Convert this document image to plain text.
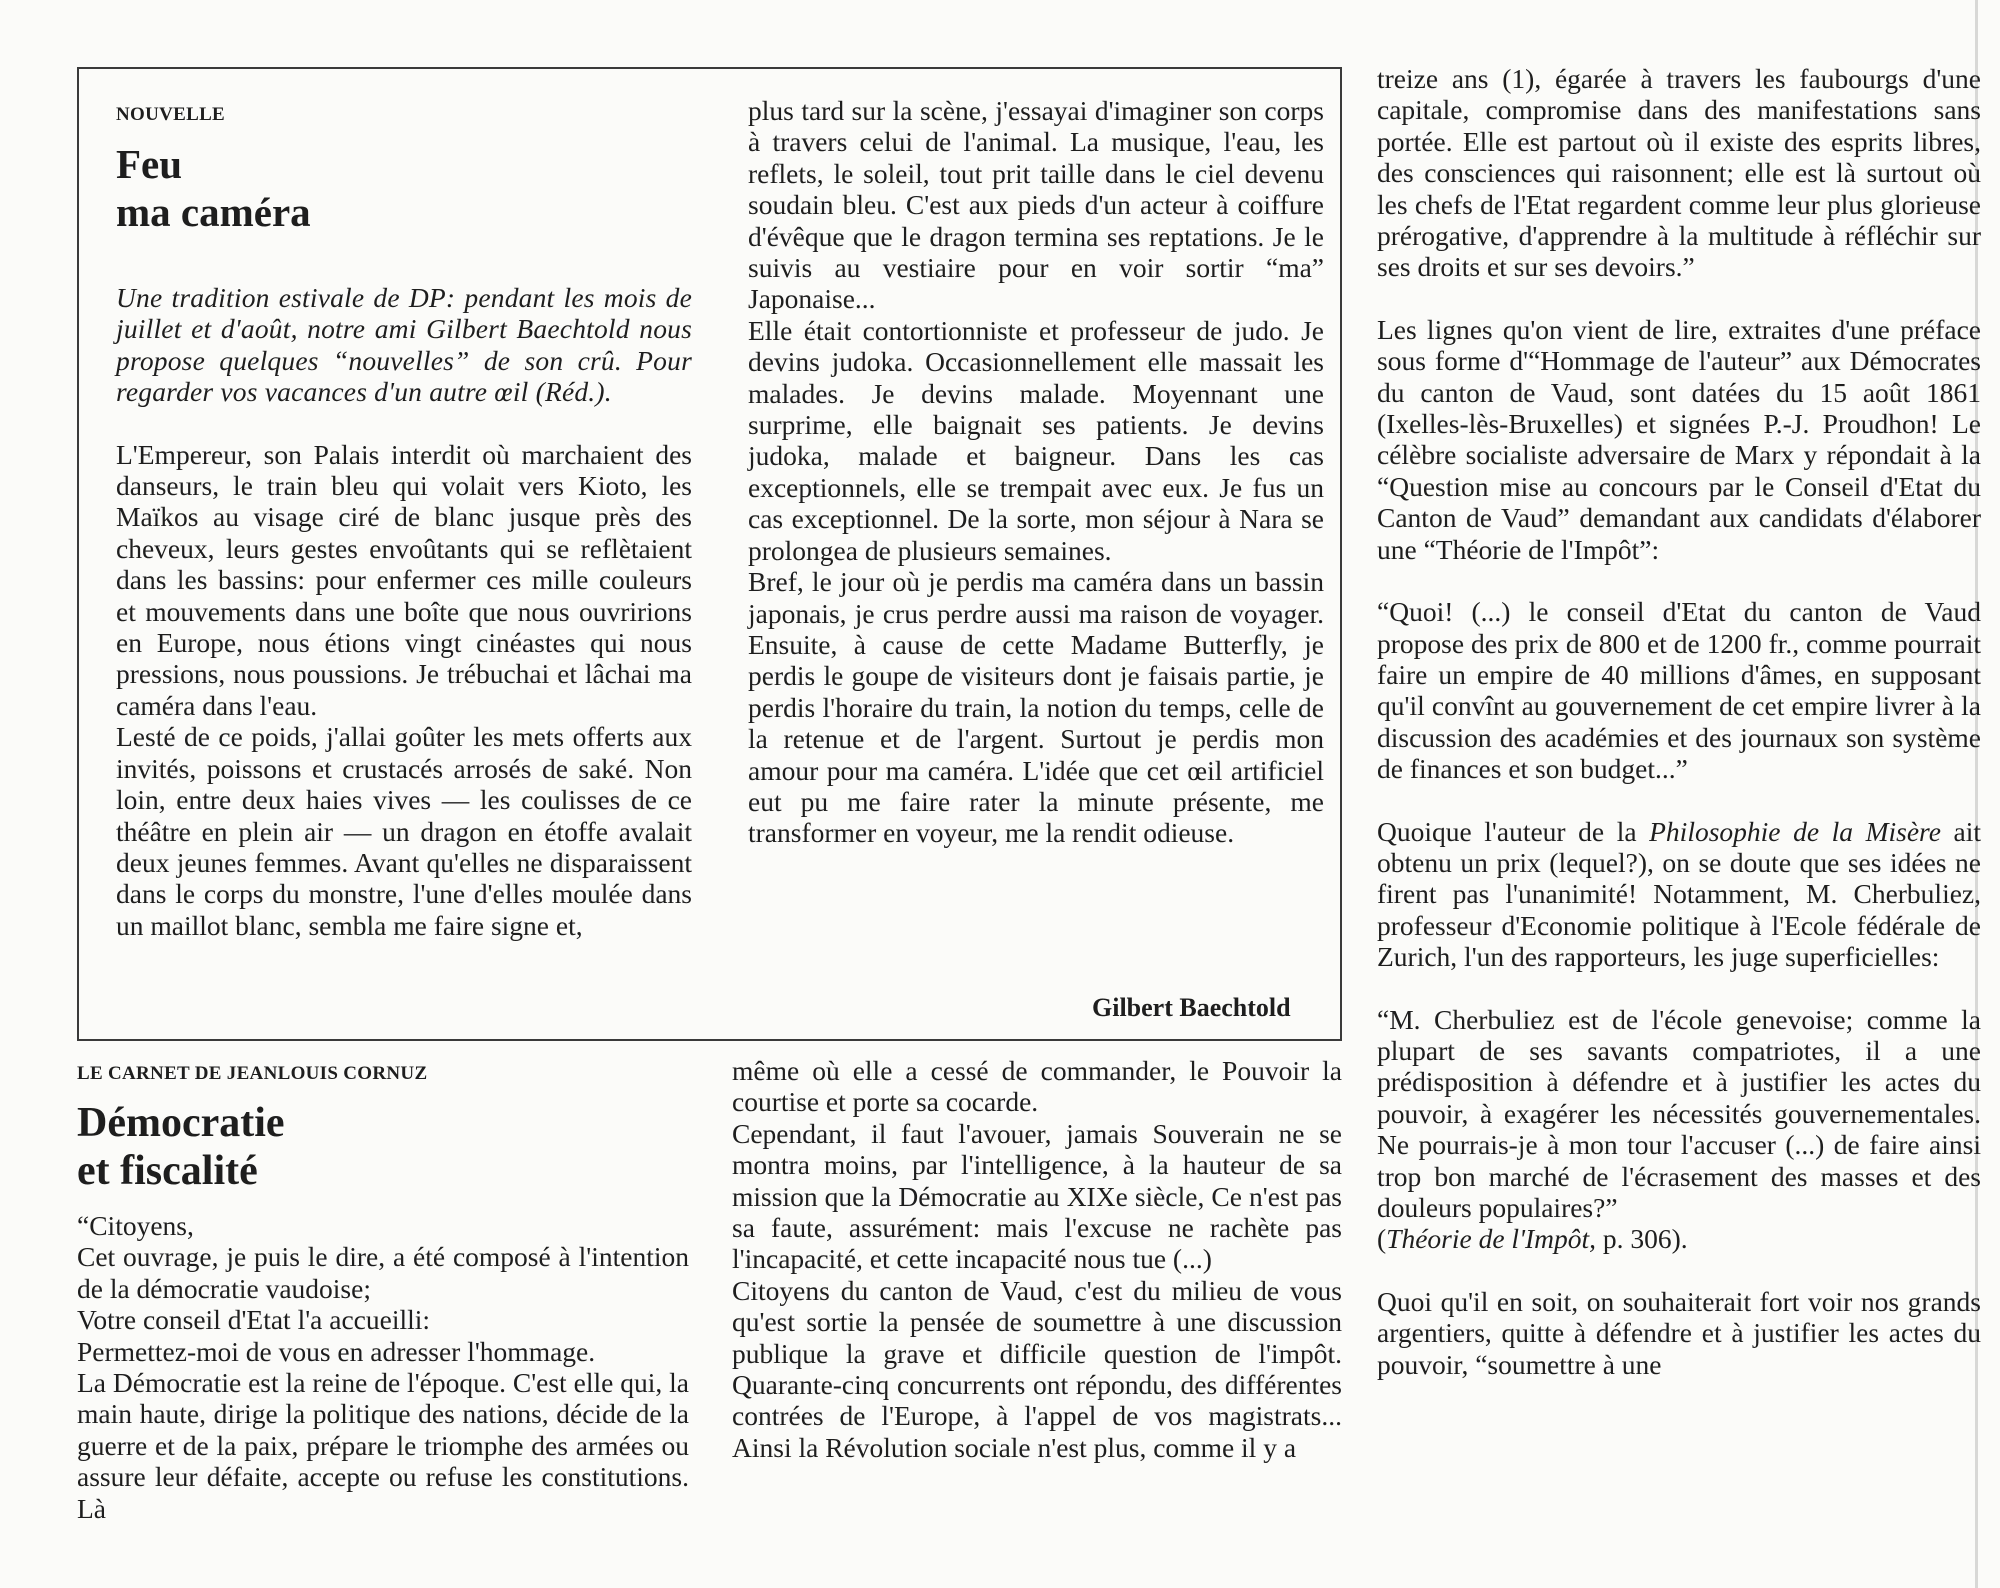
NOUVELLE
Feu
ma caméra

Une tradition estivale de DP: pendant les mois de juillet et d'août, notre ami Gilbert Baechtold nous propose quelques “nouvelles” de son crû. Pour regarder vos vacances d'un autre œil (Réd.).

L'Empereur, son Palais interdit où marchaient des danseurs, le train bleu qui volait vers Kioto, les Maïkos au visage ciré de blanc jusque près des cheveux, leurs gestes envoûtants qui se reflètaient dans les bassins: pour enfermer ces mille couleurs et mouvements dans une boîte que nous ouvririons en Europe, nous étions vingt cinéastes qui nous pressions, nous poussions. Je trébuchai et lâchai ma caméra dans l'eau.

Lesté de ce poids, j'allai goûter les mets offerts aux invités, poissons et crustacés arrosés de saké. Non loin, entre deux haies vives — les coulisses de ce théâtre en plein air — un dragon en étoffe avalait deux jeunes femmes. Avant qu'elles ne disparaissent dans le corps du monstre, l'une d'elles moulée dans un maillot blanc, sembla me faire signe et,

plus tard sur la scène, j'essayai d'imaginer son corps à travers celui de l'animal. La musique, l'eau, les reflets, le soleil, tout prit taille dans le ciel devenu soudain bleu. C'est aux pieds d'un acteur à coiffure d'évêque que le dragon termina ses reptations. Je le suivis au vestiaire pour en voir sortir “ma” Japonaise...

Elle était contortionniste et professeur de judo. Je devins judoka. Occasionnellement elle massait les malades. Je devins malade. Moyennant une surprime, elle baignait ses patients. Je devins judoka, malade et baigneur. Dans les cas exceptionnels, elle se trempait avec eux. Je fus un cas exceptionnel. De la sorte, mon séjour à Nara se prolongea de plusieurs semaines.

Bref, le jour où je perdis ma caméra dans un bassin japonais, je crus perdre aussi ma raison de voyager. Ensuite, à cause de cette Madame Butterfly, je perdis le goupe de visiteurs dont je faisais partie, je perdis l'horaire du train, la notion du temps, celle de la retenue et de l'argent. Surtout je perdis mon amour pour ma caméra. L'idée que cet œil artificiel eut pu me faire rater la minute présente, me transformer en voyeur, me la rendit odieuse.

Gilbert Baechtold
LE CARNET DE JEANLOUIS CORNUZ
Démocratie
et fiscalité

“Citoyens,

Cet ouvrage, je puis le dire, a été composé à l'intention de la démocratie vaudoise;

Votre conseil d'Etat l'a accueilli:

Permettez-moi de vous en adresser l'hommage.

La Démocratie est la reine de l'époque. C'est elle qui, la main haute, dirige la politique des nations, décide de la guerre et de la paix, prépare le triomphe des armées ou assure leur défaite, accepte ou refuse les constitutions. Là

même où elle a cessé de commander, le Pouvoir la courtise et porte sa cocarde.

Cependant, il faut l'avouer, jamais Souverain ne se montra moins, par l'intelligence, à la hauteur de sa mission que la Démocratie au XIXe siècle, Ce n'est pas sa faute, assurément: mais l'excuse ne rachète pas l'incapacité, et cette incapacité nous tue (...)

Citoyens du canton de Vaud, c'est du milieu de vous qu'est sortie la pensée de soumettre à une discussion publique la grave et difficile question de l'impôt. Quarante-cinq concurrents ont répondu, des différentes contrées de l'Europe, à l'appel de vos magistrats... Ainsi la Révolution sociale n'est plus, comme il y a

treize ans (1), égarée à travers les faubourgs d'une capitale, compromise dans des manifestations sans portée. Elle est partout où il existe des esprits libres, des consciences qui raisonnent; elle est là surtout où les chefs de l'Etat regardent comme leur plus glorieuse prérogative, d'apprendre à la multitude à réfléchir sur ses droits et sur ses devoirs.”

Les lignes qu'on vient de lire, extraites d'une préface sous forme d'“Hommage de l'auteur” aux Démocrates du canton de Vaud, sont datées du 15 août 1861 (Ixelles-lès-Bruxelles) et signées P.-J. Proudhon! Le célèbre socialiste adversaire de Marx y répondait à la “Question mise au concours par le Conseil d'Etat du Canton de Vaud” demandant aux candidats d'élaborer une “Théorie de l'Impôt”:

“Quoi! (...) le conseil d'Etat du canton de Vaud propose des prix de 800 et de 1200 fr., comme pourrait faire un empire de 40 millions d'âmes, en supposant qu'il convînt au gouvernement de cet empire livrer à la discussion des académies et des journaux son système de finances et son budget...”

Quoique l'auteur de la Philosophie de la Misère ait obtenu un prix (lequel?), on se doute que ses idées ne firent pas l'unanimité! Notamment, M. Cherbuliez, professeur d'Economie politique à l'Ecole fédérale de Zurich, l'un des rapporteurs, les juge superficielles:

“M. Cherbuliez est de l'école genevoise; comme la plupart de ses savants compatriotes, il a une prédisposition à défendre et à justifier les actes du pouvoir, à exagérer les nécessités gouvernementales. Ne pourrais-je à mon tour l'accuser (...) de faire ainsi trop bon marché de l'écrasement des masses et des douleurs populaires?”

(Théorie de l'Impôt, p. 306).

Quoi qu'il en soit, on souhaiterait fort voir nos grands argentiers, quitte à défendre et à justifier les actes du pouvoir, “soumettre à une
